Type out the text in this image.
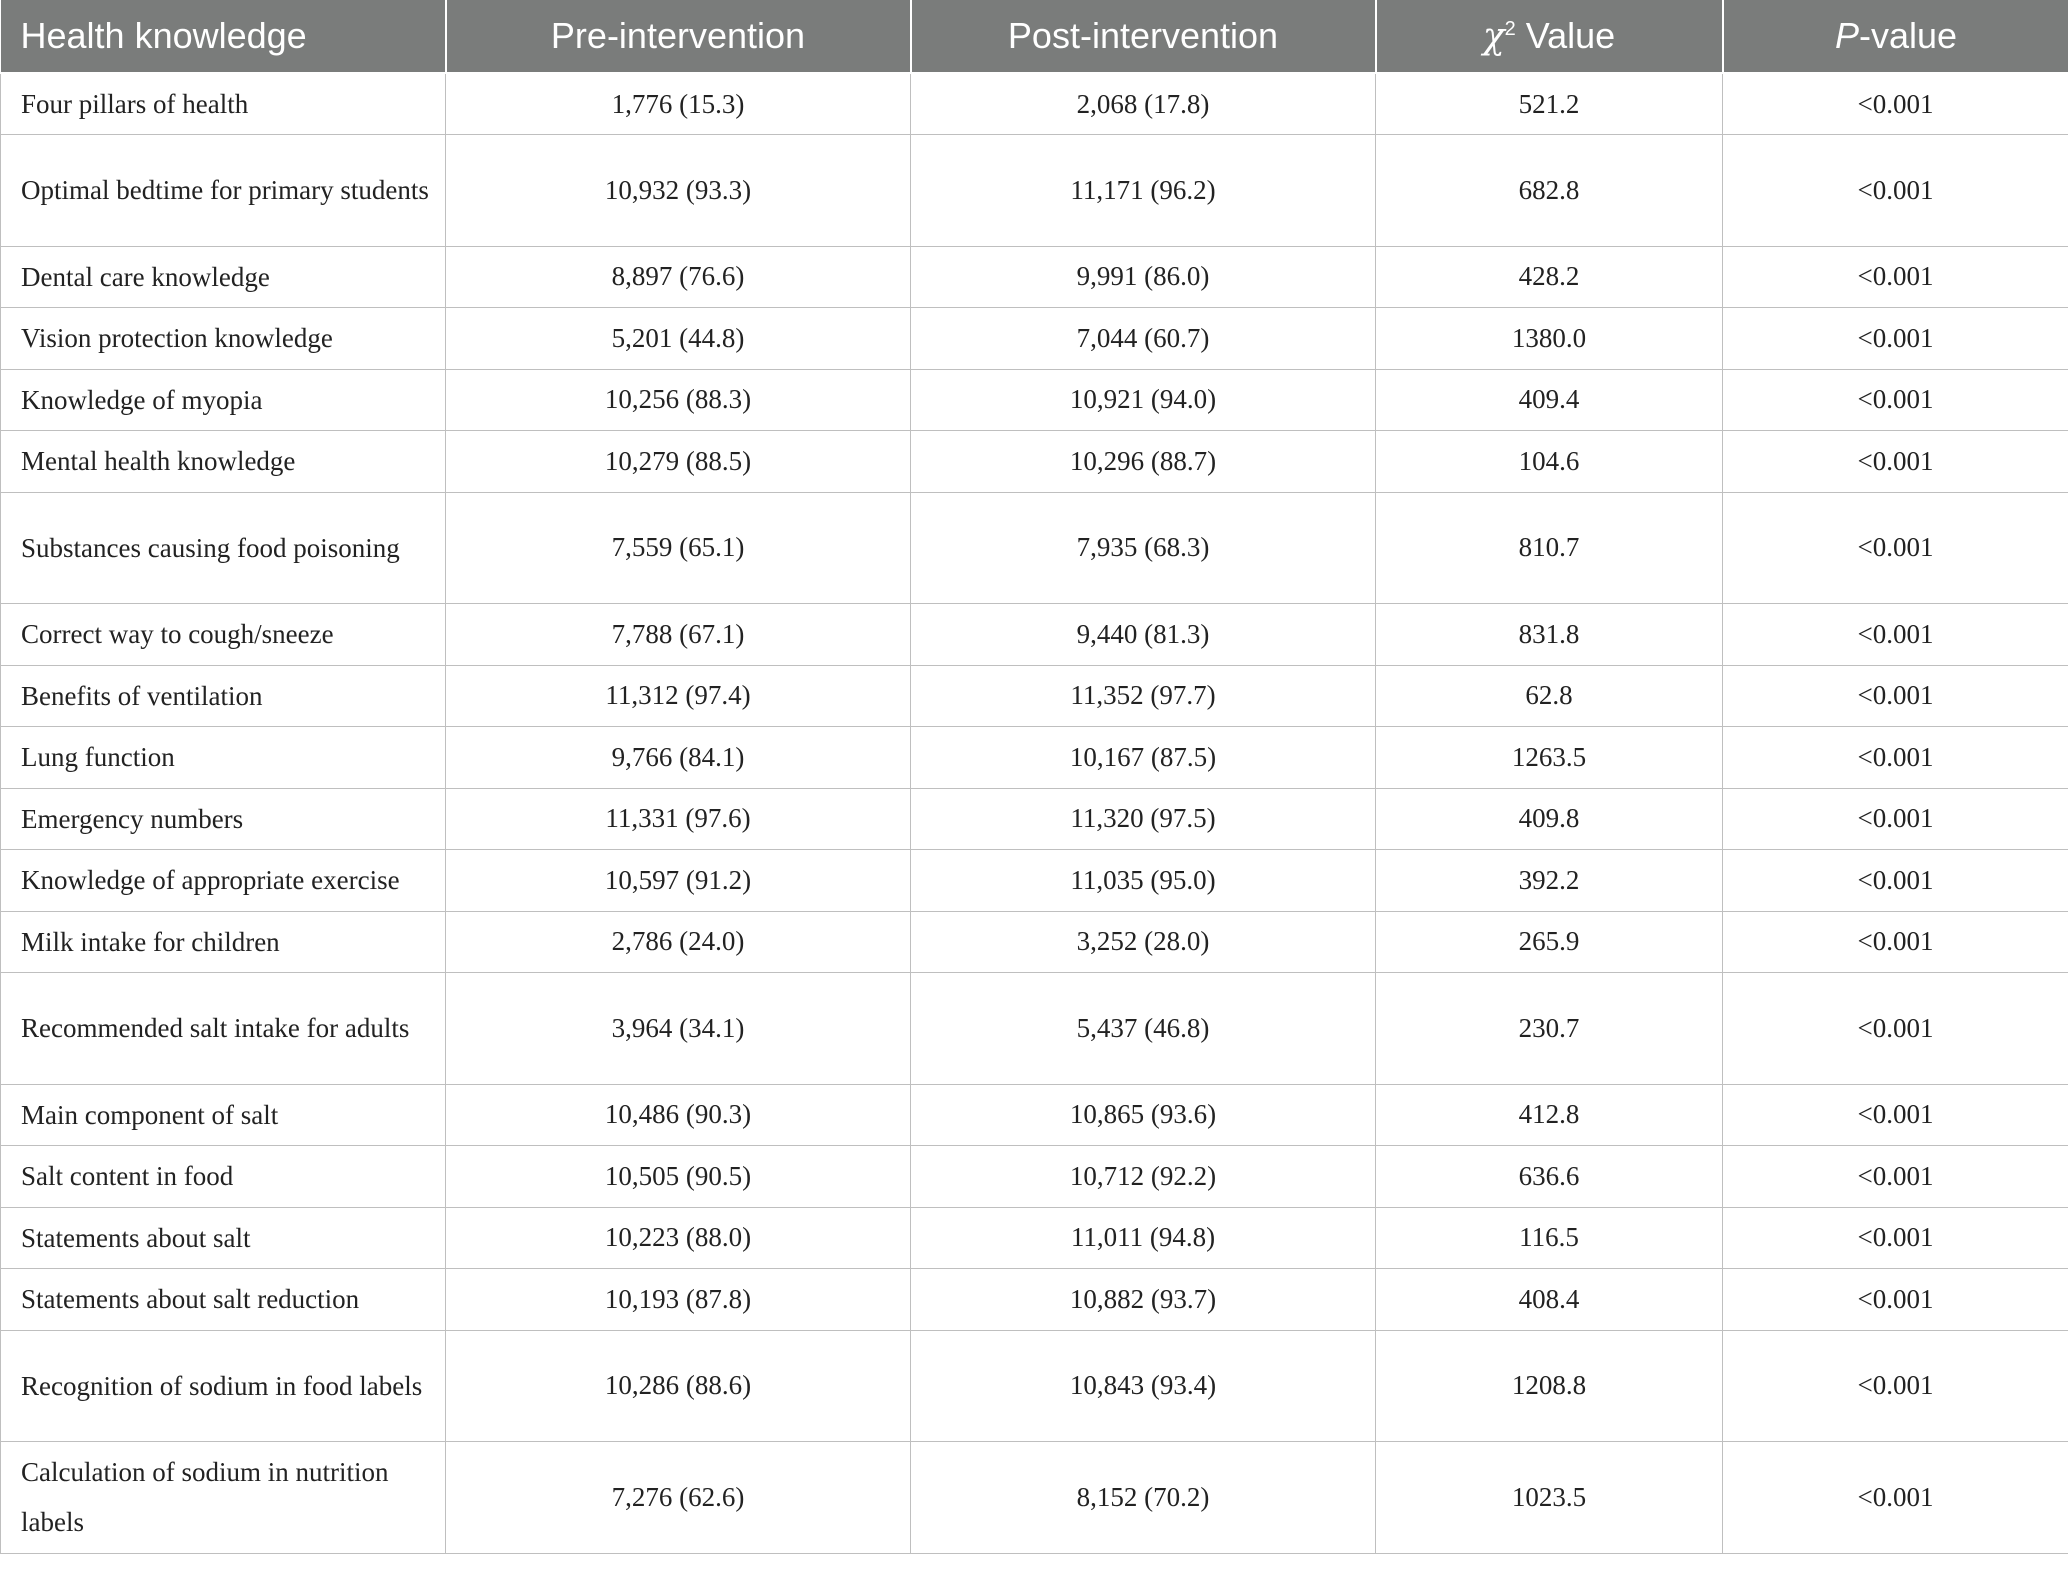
Health knowledge	Pre-intervention	Post-intervention	$\chi^2$ Value	P-value
Four pillars of health	1,776 (15.3)	2,068 (17.8)	521.2	<0.001
Optimal bedtime for primary students	10,932 (93.3)	11,171 (96.2)	682.8	<0.001
Dental care knowledge	8,897 (76.6)	9,991 (86.0)	428.2	<0.001
Vision protection knowledge	5,201 (44.8)	7,044 (60.7)	1380.0	<0.001
Knowledge of myopia	10,256 (88.3)	10,921 (94.0)	409.4	<0.001
Mental health knowledge	10,279 (88.5)	10,296 (88.7)	104.6	<0.001
Substances causing food poisoning	7,559 (65.1)	7,935 (68.3)	810.7	<0.001
Correct way to cough/sneeze	7,788 (67.1)	9,440 (81.3)	831.8	<0.001
Benefits of ventilation	11,312 (97.4)	11,352 (97.7)	62.8	<0.001
Lung function	9,766 (84.1)	10,167 (87.5)	1263.5	<0.001
Emergency numbers	11,331 (97.6)	11,320 (97.5)	409.8	<0.001
Knowledge of appropriate exercise	10,597 (91.2)	11,035 (95.0)	392.2	<0.001
Milk intake for children	2,786 (24.0)	3,252 (28.0)	265.9	<0.001
Recommended salt intake for adults	3,964 (34.1)	5,437 (46.8)	230.7	<0.001
Main component of salt	10,486 (90.3)	10,865 (93.6)	412.8	<0.001
Salt content in food	10,505 (90.5)	10,712 (92.2)	636.6	<0.001
Statements about salt	10,223 (88.0)	11,011 (94.8)	116.5	<0.001
Statements about salt reduction	10,193 (87.8)	10,882 (93.7)	408.4	<0.001
Recognition of sodium in food labels	10,286 (88.6)	10,843 (93.4)	1208.8	<0.001
Calculation of sodium in nutrition labels	7,276 (62.6)	8,152 (70.2)	1023.5	<0.001
